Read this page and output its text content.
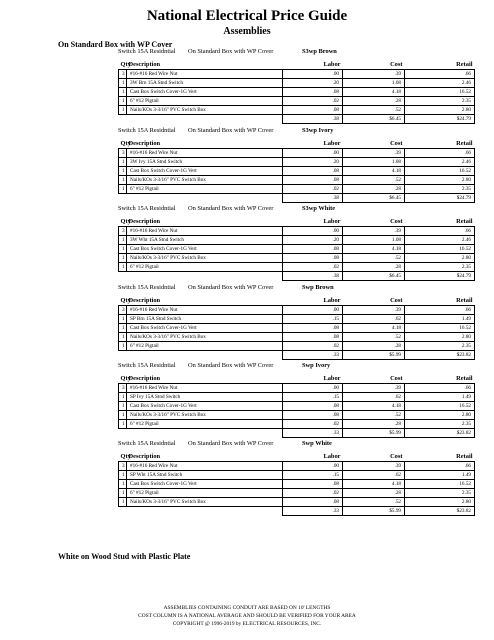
National Electrical Price Guide
Assemblies
On Standard Box with WP Cover
Switch 15A Residntial On Standard Box with WP Cover	S3wp Brown
Qty	Description	Labor	Cost	Retail
3	#16-#16 Red Wire Nut	.00	.39	.66
1	3W Brn 15A Stnd Switch	.20	1.08	2.46
1	Cast Box Switch Cover-1G Vert	.08	4.18	16.52
1	6" #12 Pigtail	.02	.28	2.35
1	Nails/KOs 3-3/16" PVC Switch Box	.08	.52	2.80
		.38	$6.45	$24.79
Switch 15A Residntial On Standard Box with WP Cover	S3wp Ivory
Qty	Description	Labor	Cost	Retail
3	#16-#16 Red Wire Nut	.00	.39	.66
1	3W Ivy 15A Stnd Switch	.20	1.08	2.46
1	Cast Box Switch Cover-1G Vert	.08	4.18	16.52
1	Nails/KOs 3-3/16" PVC Switch Box	.08	.52	2.80
1	6" #12 Pigtail	.02	.28	2.35
		.38	$6.45	$24.79
Switch 15A Residntial On Standard Box with WP Cover	S3wp White
Qty	Description	Labor	Cost	Retail
3	#16-#16 Red Wire Nut	.00	.39	.66
1	3W Wht 15A Stnd Switch	.20	1.08	2.46
1	Cast Box Switch Cover-1G Vert	.08	4.18	16.52
1	Nails/KOs 3-3/16" PVC Switch Box	.08	.52	2.80
1	6" #12 Pigtail	.02	.28	2.35
		.38	$6.45	$24.79
Switch 15A Residntial On Standard Box with WP Cover	Swp Brown
Qty	Description	Labor	Cost	Retail
3	#16-#16 Red Wire Nut	.00	.39	.66
1	SP Brn 15A Stnd Switch	.15	.62	1.49
1	Cast Box Switch Cover-1G Vert	.08	4.18	16.52
1	Nails/KOs 3-3/16" PVC Switch Box	.08	.52	2.80
1	6" #12 Pigtail	.02	.28	2.35
		.33	$5.99	$23.82
Switch 15A Residntial On Standard Box with WP Cover	Swp Ivory
Qty	Description	Labor	Cost	Retail
3	#16-#16 Red Wire Nut	.00	.39	.66
1	SP Ivy 15A Stnd Switch	.15	.62	1.49
1	Cast Box Switch Cover-1G Vert	.08	4.18	16.52
1	Nails/KOs 3-3/16" PVC Switch Box	.08	.52	2.80
1	6" #12 Pigtail	.02	.28	2.35
		.33	$5.99	$23.82
Switch 15A Residntial On Standard Box with WP Cover	Swp White
Qty	Description	Labor	Cost	Retail
3	#16-#16 Red Wire Nut	.00	.39	.66
1	SP Wht 15A Stnd Switch	.15	.62	1.49
1	Cast Box Switch Cover-1G Vert	.08	4.18	16.52
1	6" #12 Pigtail	.02	.28	2.35
1	Nails/KOs 3-3/16" PVC Switch Box	.08	.52	2.80
		.33	$5.99	$23.82
White on Wood Stud with Plastic Plate
ASSEMBLIES CONTAINING CONDUIT ARE BASED ON 10' LENGTHS
COST COLUMN IS A NATIONAL AVERAGE AND SHOULD BE VERIFIED FOR YOUR AREA
COPYRIGHT @ 1996-2019 by ELECTRICAL RESOURCES, INC.
